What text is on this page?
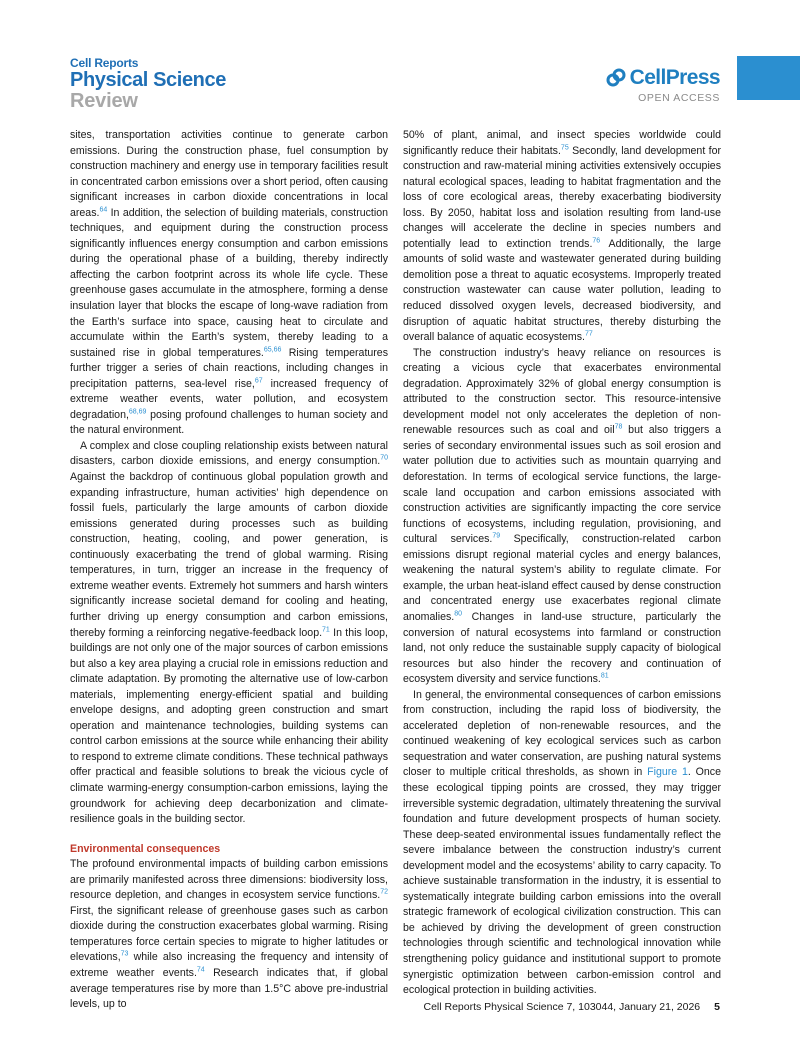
Cell Reports
Physical Science
Review
CellPress
OPEN ACCESS

sites, transportation activities continue to generate carbon emissions. During the construction phase, fuel consumption by construction machinery and energy use in temporary facilities result in concentrated carbon emissions over a short period, often causing significant increases in carbon dioxide concentrations in local areas.$^{64}$ In addition, the selection of building materials, construction techniques, and equipment during the construction process significantly influences energy consumption and carbon emissions during the operational phase of a building, thereby indirectly affecting the carbon footprint across its whole life cycle. These greenhouse gases accumulate in the atmosphere, forming a dense insulation layer that blocks the escape of long-wave radiation from the Earth’s surface into space, causing heat to circulate and accumulate within the Earth’s system, thereby leading to a sustained rise in global temperatures.$^{65,66}$ Rising temperatures further trigger a series of chain reactions, including changes in precipitation patterns, sea-level rise,$^{67}$ increased frequency of extreme weather events, water pollution, and ecosystem degradation,$^{68,69}$ posing profound challenges to human society and the natural environment.

A complex and close coupling relationship exists between natural disasters, carbon dioxide emissions, and energy consumption.$^{70}$ Against the backdrop of continuous global population growth and expanding infrastructure, human activities’ high dependence on fossil fuels, particularly the large amounts of carbon dioxide emissions generated during processes such as building construction, heating, cooling, and power generation, is continuously exacerbating the trend of global warming. Rising temperatures, in turn, trigger an increase in the frequency of extreme weather events. Extremely hot summers and harsh winters significantly increase societal demand for cooling and heating, further driving up energy consumption and carbon emissions, thereby forming a reinforcing negative-feedback loop.$^{71}$ In this loop, buildings are not only one of the major sources of carbon emissions but also a key area playing a crucial role in emissions reduction and climate adaptation. By promoting the alternative use of low-carbon materials, implementing energy-efficient spatial and building envelope designs, and adopting green construction and smart operation and maintenance technologies, building systems can control carbon emissions at the source while enhancing their ability to respond to extreme climate conditions. These technical pathways offer practical and feasible solutions to break the vicious cycle of climate warming-energy consumption-carbon emissions, laying the groundwork for achieving deep decarbonization and climate-resilience goals in the building sector.

Environmental consequences

The profound environmental impacts of building carbon emissions are primarily manifested across three dimensions: biodiversity loss, resource depletion, and changes in ecosystem service functions.$^{72}$ First, the significant release of greenhouse gases such as carbon dioxide during the construction exacerbates global warming. Rising temperatures force certain species to migrate to higher latitudes or elevations,$^{73}$ while also increasing the frequency and intensity of extreme weather events.$^{74}$ Research indicates that, if global average temperatures rise by more than 1.5°C above pre-industrial levels, up to

50% of plant, animal, and insect species worldwide could significantly reduce their habitats.$^{75}$ Secondly, land development for construction and raw-material mining activities extensively occupies natural ecological spaces, leading to habitat fragmentation and the loss of core ecological areas, thereby exacerbating biodiversity loss. By 2050, habitat loss and isolation resulting from land-use changes will accelerate the decline in species numbers and potentially lead to extinction trends.$^{76}$ Additionally, the large amounts of solid waste and wastewater generated during building demolition pose a threat to aquatic ecosystems. Improperly treated construction wastewater can cause water pollution, leading to reduced dissolved oxygen levels, decreased biodiversity, and disruption of aquatic habitat structures, thereby disturbing the overall balance of aquatic ecosystems.$^{77}$

The construction industry’s heavy reliance on resources is creating a vicious cycle that exacerbates environmental degradation. Approximately 32% of global energy consumption is attributed to the construction sector. This resource-intensive development model not only accelerates the depletion of non-renewable resources such as coal and oil$^{78}$ but also triggers a series of secondary environmental issues such as soil erosion and water pollution due to activities such as mountain quarrying and deforestation. In terms of ecological service functions, the large-scale land occupation and carbon emissions associated with construction activities are significantly impacting the core service functions of ecosystems, including regulation, provisioning, and cultural services.$^{79}$ Specifically, construction-related carbon emissions disrupt regional material cycles and energy balances, weakening the natural system’s ability to regulate climate. For example, the urban heat-island effect caused by dense construction and concentrated energy use exacerbates regional climate anomalies.$^{80}$ Changes in land-use structure, particularly the conversion of natural ecosystems into farmland or construction land, not only reduce the sustainable supply capacity of biological resources but also hinder the recovery and continuation of ecosystem diversity and service functions.$^{81}$

In general, the environmental consequences of carbon emissions from construction, including the rapid loss of biodiversity, the accelerated depletion of non-renewable resources, and the continued weakening of key ecological services such as carbon sequestration and water conservation, are pushing natural systems closer to multiple critical thresholds, as shown in Figure 1. Once these ecological tipping points are crossed, they may trigger irreversible systemic degradation, ultimately threatening the survival foundation and future development prospects of human society. These deep-seated environmental issues fundamentally reflect the severe imbalance between the construction industry’s current development model and the ecosystems’ ability to carry capacity. To achieve sustainable transformation in the industry, it is essential to systematically integrate building carbon emissions into the overall strategic framework of ecological civilization construction. This can be achieved by driving the development of green construction technologies through scientific and technological innovation while strengthening policy guidance and institutional support to promote synergistic optimization between carbon-emission control and ecological protection in building activities.

Cell Reports Physical Science 7, 103044, January 21, 2026 5
